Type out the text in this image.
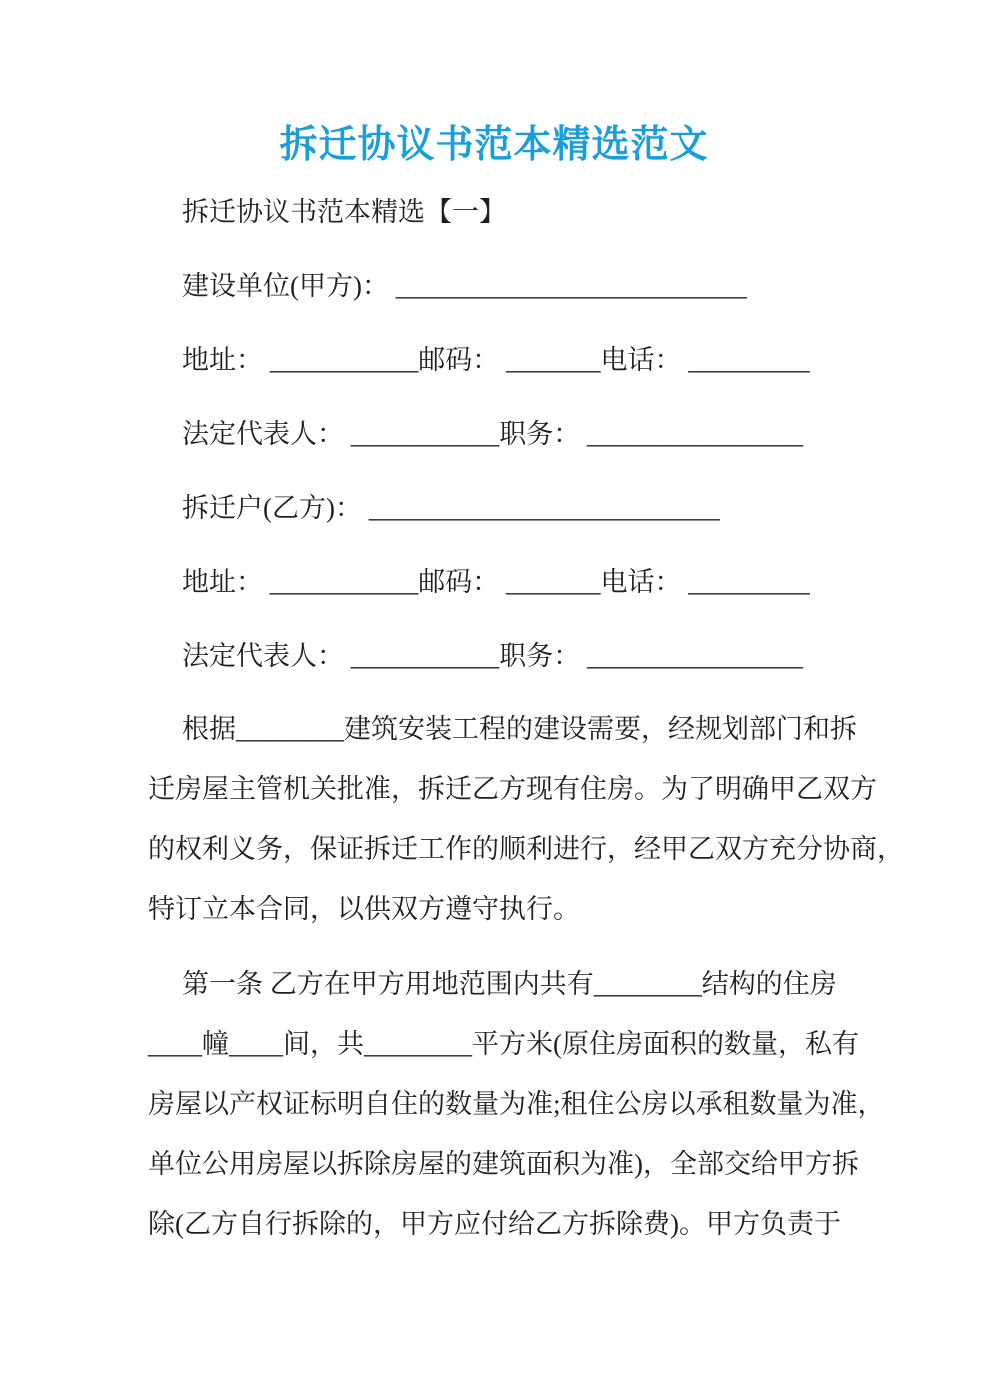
拆迁协议书范本精选范文

拆迁协议书范本精选【一】

建设单位(甲方)： __________________________

地址： ___________邮码： _______电话： _________

法定代表人： ___________职务： ________________

拆迁户(乙方)： __________________________

地址： ___________邮码： _______电话： _________

法定代表人： ___________职务： ________________

根据________建筑安装工程的建设需要，经规划部门和拆
迁房屋主管机关批准，拆迁乙方现有住房。为了明确甲乙双方
的权利义务，保证拆迁工作的顺利进行，经甲乙双方充分协商，
特订立本合同，以供双方遵守执行。
第一条 乙方在甲方用地范围内共有________结构的住房
____幢____间，共________平方米(原住房面积的数量，私有
房屋以产权证标明自住的数量为准;租住公房以承租数量为准，
单位公用房屋以拆除房屋的建筑面积为准)，全部交给甲方拆
除(乙方自行拆除的，甲方应付给乙方拆除费)。甲方负责于
